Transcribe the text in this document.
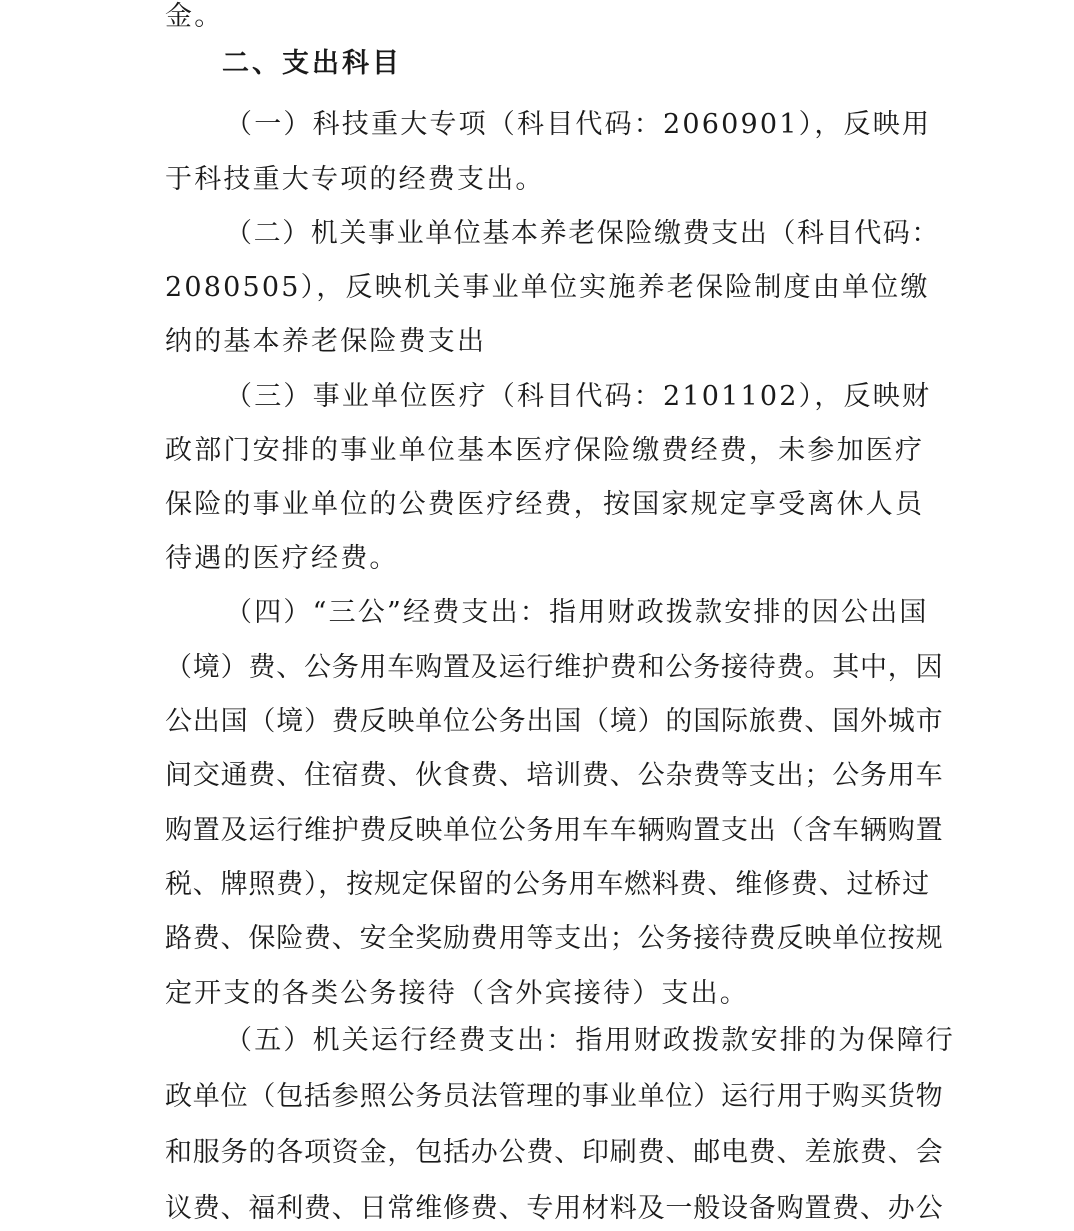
金。
二、支出科目
（一）科技重大专项（科目代码：2060901），反映用
于科技重大专项的经费支出。
（二）机关事业单位基本养老保险缴费支出（科目代码：
2080505），反映机关事业单位实施养老保险制度由单位缴
纳的基本养老保险费支出
（三）事业单位医疗（科目代码：2101102），反映财
政部门安排的事业单位基本医疗保险缴费经费，未参加医疗
保险的事业单位的公费医疗经费，按国家规定享受离休人员
待遇的医疗经费。
（四）“三公”经费支出：指用财政拨款安排的因公出国
（境）费、公务用车购置及运行维护费和公务接待费。其中，因
公出国（境）费反映单位公务出国（境）的国际旅费、国外城市
间交通费、住宿费、伙食费、培训费、公杂费等支出；公务用车
购置及运行维护费反映单位公务用车车辆购置支出（含车辆购置
税、牌照费），按规定保留的公务用车燃料费、维修费、过桥过
路费、保险费、安全奖励费用等支出；公务接待费反映单位按规
定开支的各类公务接待（含外宾接待）支出。
（五）机关运行经费支出：指用财政拨款安排的为保障行
政单位（包括参照公务员法管理的事业单位）运行用于购买货物
和服务的各项资金，包括办公费、印刷费、邮电费、差旅费、会
议费、福利费、日常维修费、专用材料及一般设备购置费、办公
